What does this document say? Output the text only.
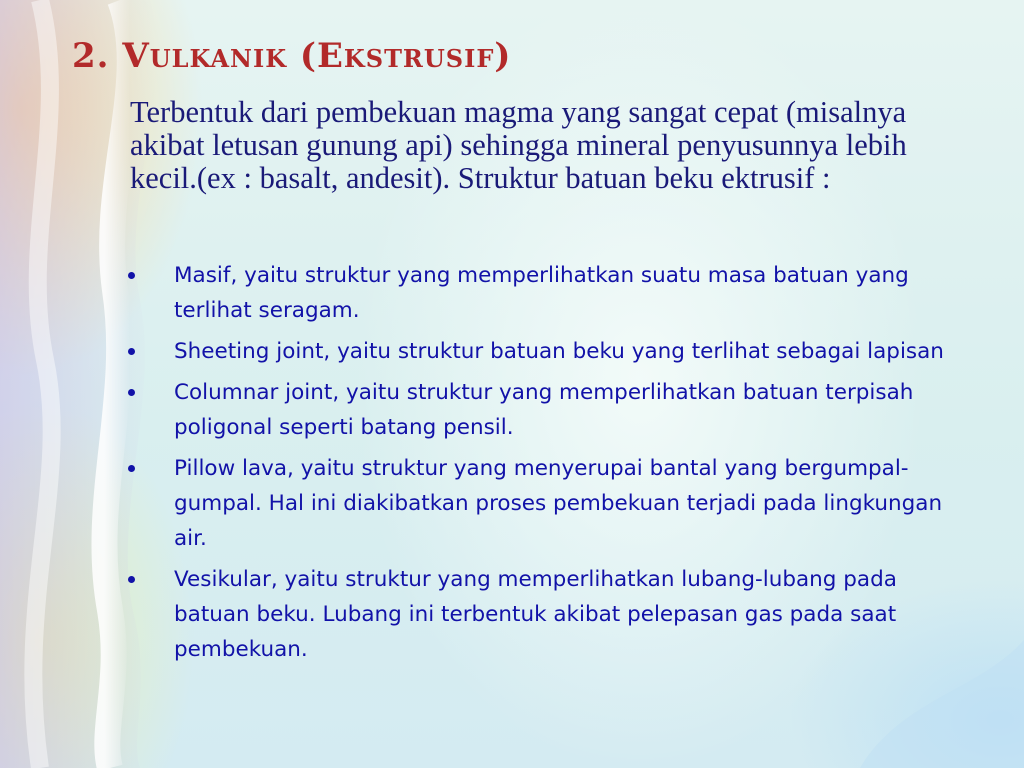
2. Vulkanik (Ekstrusif)

Terbentuk dari pembekuan magma yang sangat cepat (misalnya akibat letusan gunung api) sehingga mineral penyusunnya lebih kecil.(ex : basalt, andesit). Struktur batuan beku ektrusif :

Masif, yaitu struktur yang memperlihatkan suatu masa batuan yang terlihat seragam.
Sheeting joint, yaitu struktur batuan beku yang terlihat sebagai lapisan
Columnar joint, yaitu struktur yang memperlihatkan batuan terpisah poligonal seperti batang pensil.
Pillow lava, yaitu struktur yang menyerupai bantal yang bergumpal-gumpal. Hal ini diakibatkan proses pembekuan terjadi pada lingkungan air.
Vesikular, yaitu struktur yang memperlihatkan lubang-lubang pada batuan beku. Lubang ini terbentuk akibat pelepasan gas pada saat pembekuan.
